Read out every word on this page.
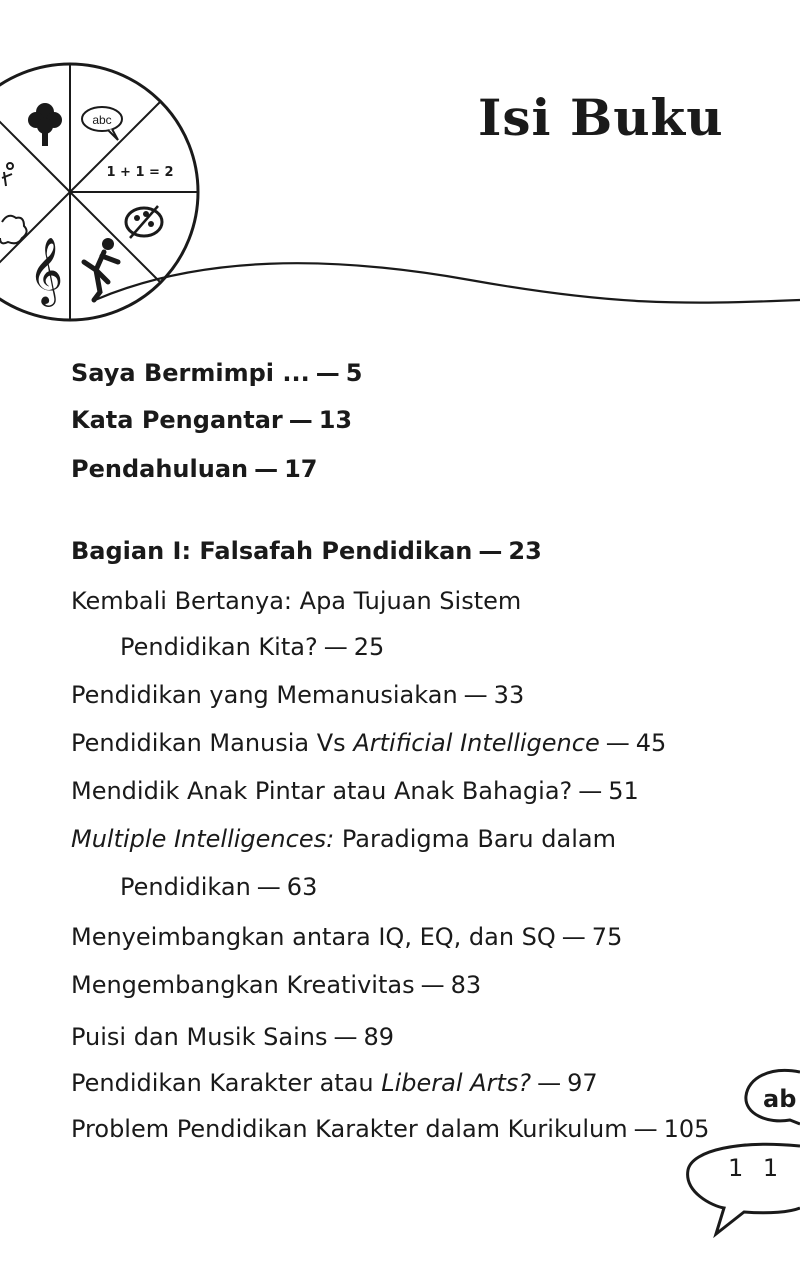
abc
1 + 1 = 2
𝄞
Isi Buku
Saya Bermimpi ... — 5
Kata Pengantar — 13
Pendahuluan — 17
Bagian I: Falsafah Pendidikan — 23
Kembali Bertanya: Apa Tujuan Sistem
Pendidikan Kita? — 25
Pendidikan yang Memanusiakan — 33
Pendidikan Manusia Vs Artificial Intelligence — 45
Mendidik Anak Pintar atau Anak Bahagia? — 51
Multiple Intelligences: Paradigma Baru dalam
Pendidikan — 63
Menyeimbangkan antara IQ, EQ, dan SQ — 75
Mengembangkan Kreativitas — 83
Puisi dan Musik Sains — 89
Pendidikan Karakter atau Liberal Arts? — 97
Problem Pendidikan Karakter dalam Kurikulum — 105
ab
1 1
